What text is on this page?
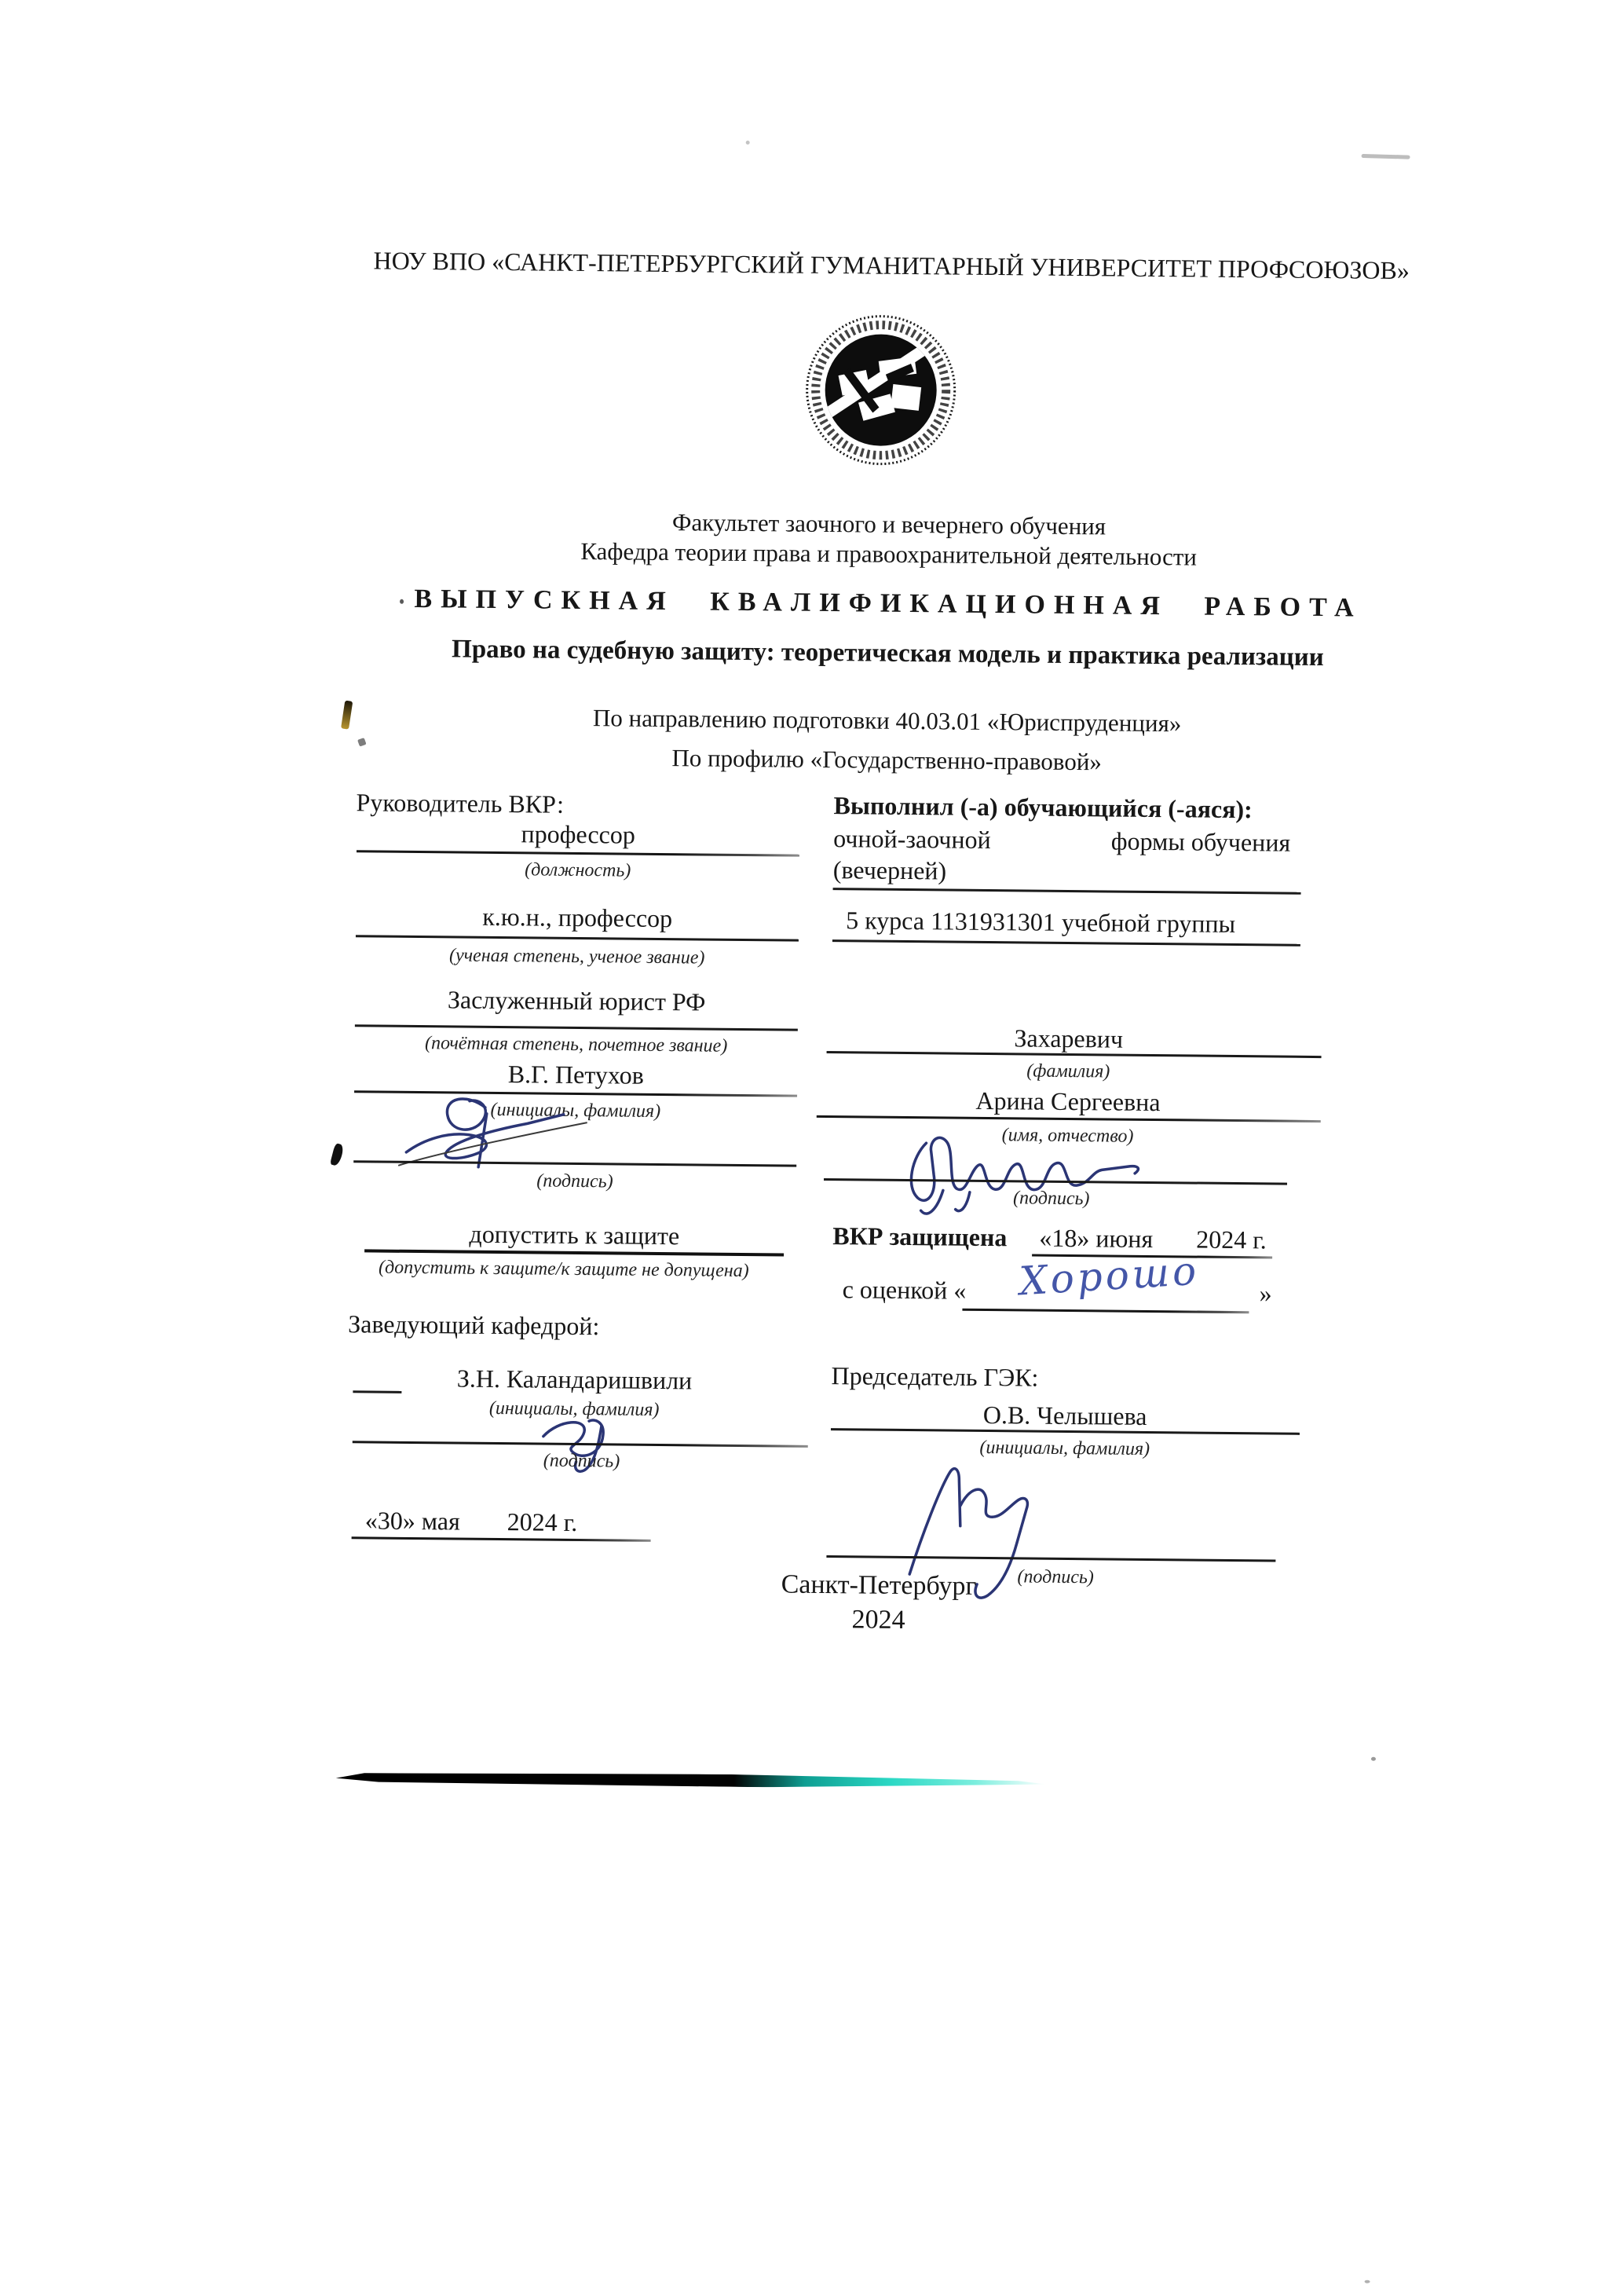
НОУ ВПО «САНКТ-ПЕТЕРБУРГСКИЙ ГУМАНИТАРНЫЙ УНИВЕРСИТЕТ ПРОФСОЮЗОВ»
Факультет заочного и вечернего обучения
Кафедра теории права и правоохранительной деятельности
ВЫПУСКНАЯ КВАЛИФИКАЦИОННАЯ РАБОТА
Право на судебную защиту: теоретическая модель и практика реализации
По направлению подготовки 40.03.01 «Юриспруденция»
По профилю «Государственно-правовой»
Руководитель ВКР:
профессор
(должность)
к.ю.н., профессор
(ученая степень, ученое звание)
Заслуженный юрист РФ
(почётная степень, почетное звание)
В.Г. Петухов
(инициалы, фамилия)
(подпись)
Выполнил (-а) обучающийся (-аяся):
очной-заочной	формы обучения
(вечерней)
5 курса 1131931301 учебной группы
Захаревич
(фамилия)
Арина Сергеевна
(имя, отчество)
(подпись)
допустить к защите
(допустить к защите/к защите не допущена)
Заведующий кафедрой:
З.Н. Каландаришвили
(инициалы, фамилия)
(подпись)
«30» мая 2024 г.
ВКР защищена «18» июня 2024 г.
с оценкой « Хорошо »
Председатель ГЭК:
О.В. Челышева
(инициалы, фамилия)
(подпись)
Санкт-Петербург
2024
